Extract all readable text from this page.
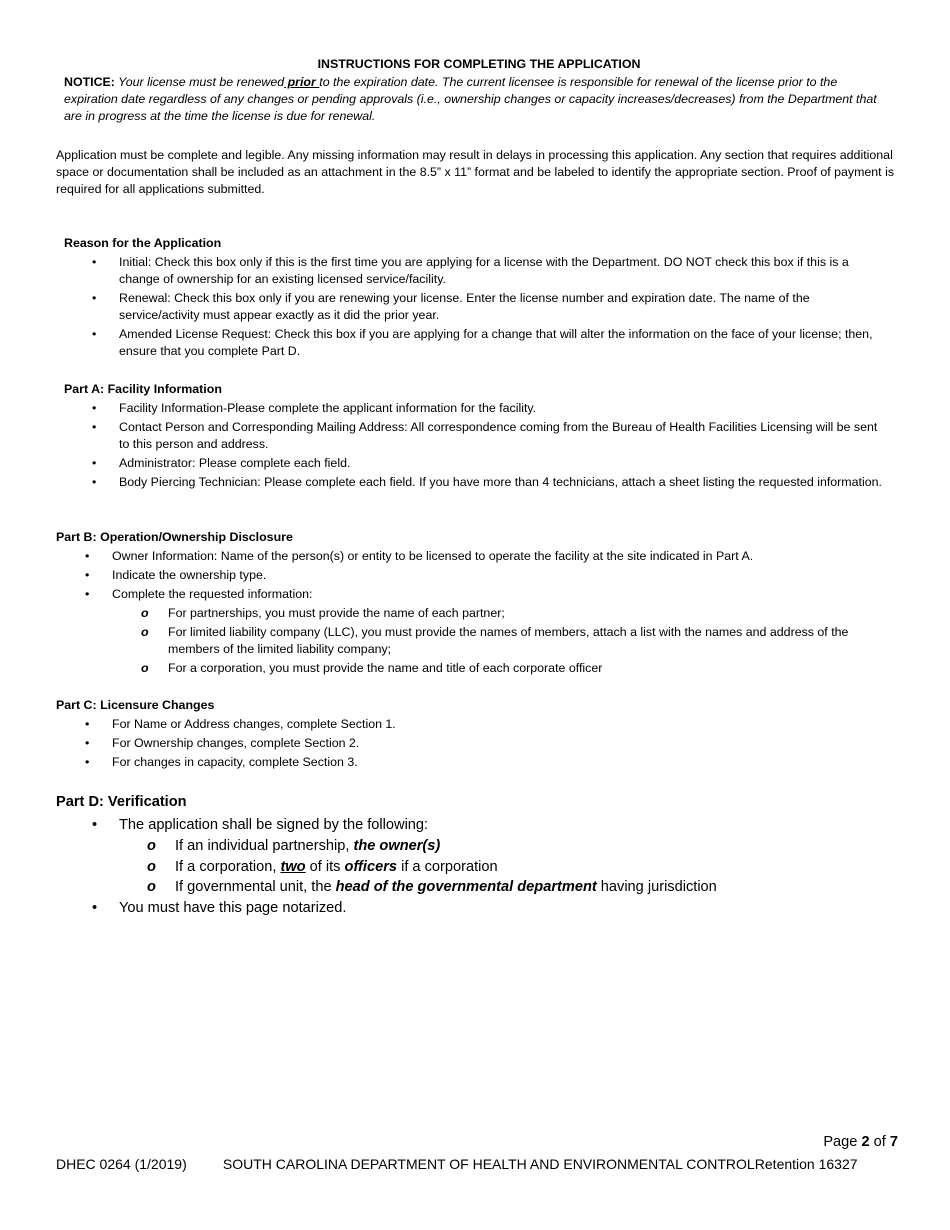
INSTRUCTIONS FOR COMPLETING THE APPLICATION
NOTICE: Your license must be renewed prior to the expiration date. The current licensee is responsible for renewal of the license prior to the expiration date regardless of any changes or pending approvals (i.e., ownership changes or capacity increases/decreases) from the Department that are in progress at the time the license is due for renewal.
Application must be complete and legible. Any missing information may result in delays in processing this application. Any section that requires additional space or documentation shall be included as an attachment in the 8.5” x 11” format and be labeled to identify the appropriate section. Proof of payment is required for all applications submitted.
Reason for the Application
• Initial: Check this box only if this is the first time you are applying for a license with the Department. DO NOT check this box if this is a change of ownership for an existing licensed service/facility.
• Renewal: Check this box only if you are renewing your license. Enter the license number and expiration date. The name of the service/activity must appear exactly as it did the prior year.
• Amended License Request: Check this box if you are applying for a change that will alter the information on the face of your license; then, ensure that you complete Part D.
Part A: Facility Information
• Facility Information-Please complete the applicant information for the facility.
• Contact Person and Corresponding Mailing Address: All correspondence coming from the Bureau of Health Facilities Licensing will be sent to this person and address.
• Administrator: Please complete each field.
• Body Piercing Technician: Please complete each field. If you have more than 4 technicians, attach a sheet listing the requested information.
Part B: Operation/Ownership Disclosure
• Owner Information: Name of the person(s) or entity to be licensed to operate the facility at the site indicated in Part A.
• Indicate the ownership type.
• Complete the requested information:
o For partnerships, you must provide the name of each partner;
o For limited liability company (LLC), you must provide the names of members, attach a list with the names and address of the members of the limited liability company;
o For a corporation, you must provide the name and title of each corporate officer
Part C: Licensure Changes
• For Name or Address changes, complete Section 1.
• For Ownership changes, complete Section 2.
• For changes in capacity, complete Section 3.
Part D: Verification
• The application shall be signed by the following:
o If an individual partnership, the owner(s)
o If a corporation, two of its officers if a corporation
o If governmental unit, the head of the governmental department having jurisdiction
• You must have this page notarized.
Page 2 of 7
DHEC 0264 (1/2019)	SOUTH CAROLINA DEPARTMENT OF HEALTH AND ENVIRONMENTAL CONTROL Retention 16327
